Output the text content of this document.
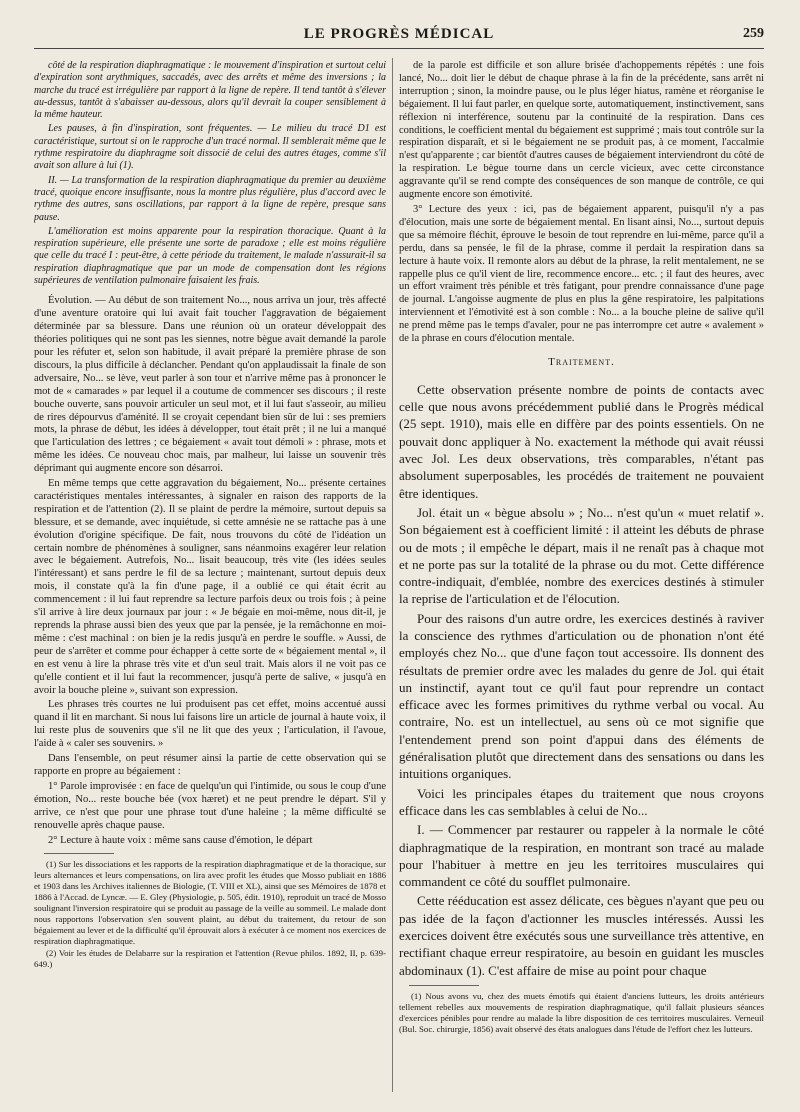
LE PROGRÈS MÉDICAL	259

côté de la respiration diaphragmatique : le mouvement d'inspiration et surtout celui d'expiration sont arythmiques, saccadés, avec des arrêts et même des inversions ; la marche du tracé est irrégulière par rapport à la ligne de repère. Il tend tantôt à s'élever au-dessus, tantôt à s'abaisser au-dessous, alors qu'il devrait la couper sensiblement à la même hauteur.

Les pauses, à fin d'inspiration, sont fréquentes. — Le milieu du tracé D1 est caractéristique, surtout si on le rapproche d'un tracé normal. Il semblerait même que le rythme respiratoire du diaphragme soit dissocié de celui des autres étages, comme s'il avait son allure à lui (1).

II. — La transformation de la respiration diaphragmatique du premier au deuxième tracé, quoique encore insuffisante, nous la montre plus régulière, plus d'accord avec le rythme des autres, sans oscillations, par rapport à la ligne de repère, presque sans pause.

L'amélioration est moins apparente pour la respiration thoracique. Quant à la respiration supérieure, elle présente une sorte de paradoxe ; elle est moins régulière que celle du tracé I : peut-être, à cette période du traitement, le malade n'assurait-il sa respiration diaphragmatique que par un mode de compensation dont les régions supérieures de ventilation pulmonaire faisaient les frais.

Évolution. — Au début de son traitement No..., nous arriva un jour, très affecté d'une aventure oratoire qui lui avait fait toucher l'aggravation de bégaiement déterminée par sa blessure. Dans une réunion où un orateur développait des théories politiques qui ne sont pas les siennes, notre bègue avait demandé la parole pour les réfuter et, selon son habitude, il avait préparé la première phrase de son discours, la plus difficile à déclancher. Pendant qu'on applaudissait la finale de son adversaire, No... se lève, veut parler à son tour et n'arrive même pas à prononcer le mot de « camarades » par lequel il a coutume de commencer ses discours ; il reste bouche ouverte, sans pouvoir articuler un seul mot, et il lui faut s'asseoir, au milieu de rires dépourvus d'aménité. Il se croyait cependant bien sûr de lui : ses premiers mots, la phrase de début, les idées à développer, tout était prêt ; il ne lui a manqué que l'articulation des lettres ; ce bégaiement « avait tout démoli » : phrase, mots et même les idées. Ce nouveau choc mais, par malheur, lui laisse un souvenir très déprimant qui augmente encore son désarroi.

En même temps que cette aggravation du bégaiement, No... présente certaines caractéristiques mentales intéressantes, à signaler en raison des rapports de la respiration et de l'attention (2). Il se plaint de perdre la mémoire, surtout depuis sa blessure, et se demande, avec inquiétude, si cette amnésie ne se rattache pas à une évolution d'origine spécifique. De fait, nous trouvons du côté de l'idéation un certain nombre de phénomènes à souligner, sans néanmoins exagérer leur relation avec le bégaiement. Autrefois, No... lisait beaucoup, très vite (les idées seules l'intéressant) et sans perdre le fil de sa lecture ; maintenant, surtout depuis deux mois, il constate qu'à la fin d'une page, il a oublié ce qui était écrit au commencement : il lui faut reprendre sa lecture parfois deux ou trois fois ; à peine s'il arrive à lire deux journaux par jour : « Je bégaie en moi-même, nous dit-il, je reprends la phrase aussi bien des yeux que par la pensée, je la remâchonne en moi-même : c'est machinal : on bien je la redis jusqu'à en perdre le souffle. » Aussi, de peur de s'arrêter et comme pour échapper à cette sorte de « bégaiement mental », il en est venu à lire la phrase très vite et d'un seul trait. Mais alors il ne voit pas ce qu'elle contient et il lui faut la recommencer, jusqu'à perte de salive, « jusqu'à en avoir la bouche pleine », suivant son expression.

Les phrases très courtes ne lui produisent pas cet effet, moins accentué aussi quand il lit en marchant. Si nous lui faisons lire un article de journal à haute voix, il lui reste plus de souvenirs que s'il ne lit que des yeux ; l'articulation, il l'avoue, l'aide à « caler ses souvenirs. »

Dans l'ensemble, on peut résumer ainsi la partie de cette observation qui se rapporte en propre au bégaiement :

1° Parole improvisée : en face de quelqu'un qui l'intimide, ou sous le coup d'une émotion, No... reste bouche bée (vox hæret) et ne peut prendre le départ. S'il y arrive, ce n'est que pour une phrase tout d'une haleine ; la même difficulté se renouvelle après chaque pause.

2° Lecture à haute voix : même sans cause d'émotion, le départ

(1) Sur les dissociations et les rapports de la respiration diaphragmatique et de la thoracique, sur leurs alternances et leurs compensations, on lira avec profit les études que Mosso publiait en 1886 et 1903 dans les Archives italiennes de Biologie, (T. VIII et XL), ainsi que ses Mémoires de 1878 et 1886 à l'Accad. de Lyncæ. — E. Gley (Physiologie, p. 505, édit. 1910), reproduit un tracé de Mosso soulignant l'inversion respiratoire qui se produit au passage de la veille au sommeil. Le malade dont nous rapportons l'observation s'en souvent plaint, au début du traitement, du retour de son bégaiement au lever et de la difficulté qu'il éprouvait alors à exécuter à ce moment nos exercices de respiration diaphragmatique.

(2) Voir les études de Delabarre sur la respiration et l'attention (Revue philos. 1892, II, p. 639-649.)

de la parole est difficile et son allure brisée d'achoppements répétés : une fois lancé, No... doit lier le début de chaque phrase à la fin de la précédente, sans arrêt ni interruption ; sinon, la moindre pause, ou le plus léger hiatus, ramène et réorganise le bégaiement. Il lui faut parler, en quelque sorte, automatiquement, instinctivement, sans réflexion ni interférence, soutenu par la continuité de la respiration. Dans ces conditions, le coefficient mental du bégaiement est supprimé ; mais tout contrôle sur la respiration disparaît, et si le bégaiement ne se produit pas, à ce moment, l'accalmie n'est qu'apparente ; car bientôt d'autres causes de bégaiement interviendront du côté de la respiration. Le bègue tourne dans un cercle vicieux, avec cette circonstance aggravante qu'il se rend compte des conséquences de son manque de contrôle, ce qui augmente encore son émotivité.

3° Lecture des yeux : ici, pas de bégaiement apparent, puisqu'il n'y a pas d'élocution, mais une sorte de bégaiement mental. En lisant ainsi, No..., surtout depuis que sa mémoire fléchit, éprouve le besoin de tout reprendre en lui-même, parce qu'il a perdu, dans sa pensée, le fil de la phrase, comme il perdait la respiration dans sa lecture à haute voix. Il remonte alors au début de la phrase, la relit mentalement, ne se rappelle plus ce qu'il vient de lire, recommence encore... etc. ; il faut des heures, avec un effort vraiment très pénible et très fatigant, pour prendre connaissance d'une page de journal. L'angoisse augmente de plus en plus la gêne respiratoire, les palpitations interviennent et l'émotivité est à son comble : No... a la bouche pleine de salive qu'il ne prend même pas le temps d'avaler, pour ne pas interrompre cet autre « avalement » de la phrase en cours d'élocution mentale.

Traitement.

Cette observation présente nombre de points de contacts avec celle que nous avons précédemment publié dans le Progrès médical (25 sept. 1910), mais elle en diffère par des points essentiels. On ne pouvait donc appliquer à No. exactement la méthode qui avait réussi avec Jol. Les deux observations, très comparables, n'étant pas absolument superposables, les procédés de traitement ne pouvaient être identiques.

Jol. était un « bègue absolu » ; No... n'est qu'un « muet relatif ». Son bégaiement est à coefficient limité : il atteint les débuts de phrase ou de mots ; il empêche le départ, mais il ne renaît pas à chaque mot et ne porte pas sur la totalité de la phrase ou du mot. Cette différence contre-indiquait, d'emblée, nombre des exercices destinés à stimuler la reprise de l'articulation et de l'élocution.

Pour des raisons d'un autre ordre, les exercices destinés à raviver la conscience des rythmes d'articulation ou de phonation n'ont été employés chez No... que d'une façon tout accessoire. Ils donnent des résultats de premier ordre avec les malades du genre de Jol. qui était un instinctif, ayant tout ce qu'il faut pour reprendre un contact efficace avec les formes primitives du rythme verbal ou vocal. Au contraire, No. est un intellectuel, au sens où ce mot signifie que l'entendement prend son point d'appui dans des éléments de généralisation plutôt que directement dans des sensations ou dans les intuitions organiques.

Voici les principales étapes du traitement que nous croyons efficace dans les cas semblables à celui de No...

I. — Commencer par restaurer ou rappeler à la normale le côté diaphragmatique de la respiration, en montrant son tracé au malade pour l'habituer à mettre en jeu les territoires musculaires qui commandent ce côté du soufflet pulmonaire.

Cette rééducation est assez délicate, ces bègues n'ayant que peu ou pas idée de la façon d'actionner les muscles intéressés. Aussi les exercices doivent être exécutés sous une surveillance très attentive, en rectifiant chaque erreur respiratoire, au besoin en guidant les muscles abdominaux (1). C'est affaire de mise au point pour chaque

(1) Nous avons vu, chez des muets émotifs qui étaient d'anciens lutteurs, les droits antérieurs tellement rebelles aux mouvements de respiration diaphragmatique, qu'il fallait plusieurs séances d'exercices pénibles pour rendre au malade la libre disposition de ces territoires musculaires. Verneuil (Bul. Soc. chirurgie, 1856) avait observé des états analogues dans l'étude de l'effort chez les lutteurs.
